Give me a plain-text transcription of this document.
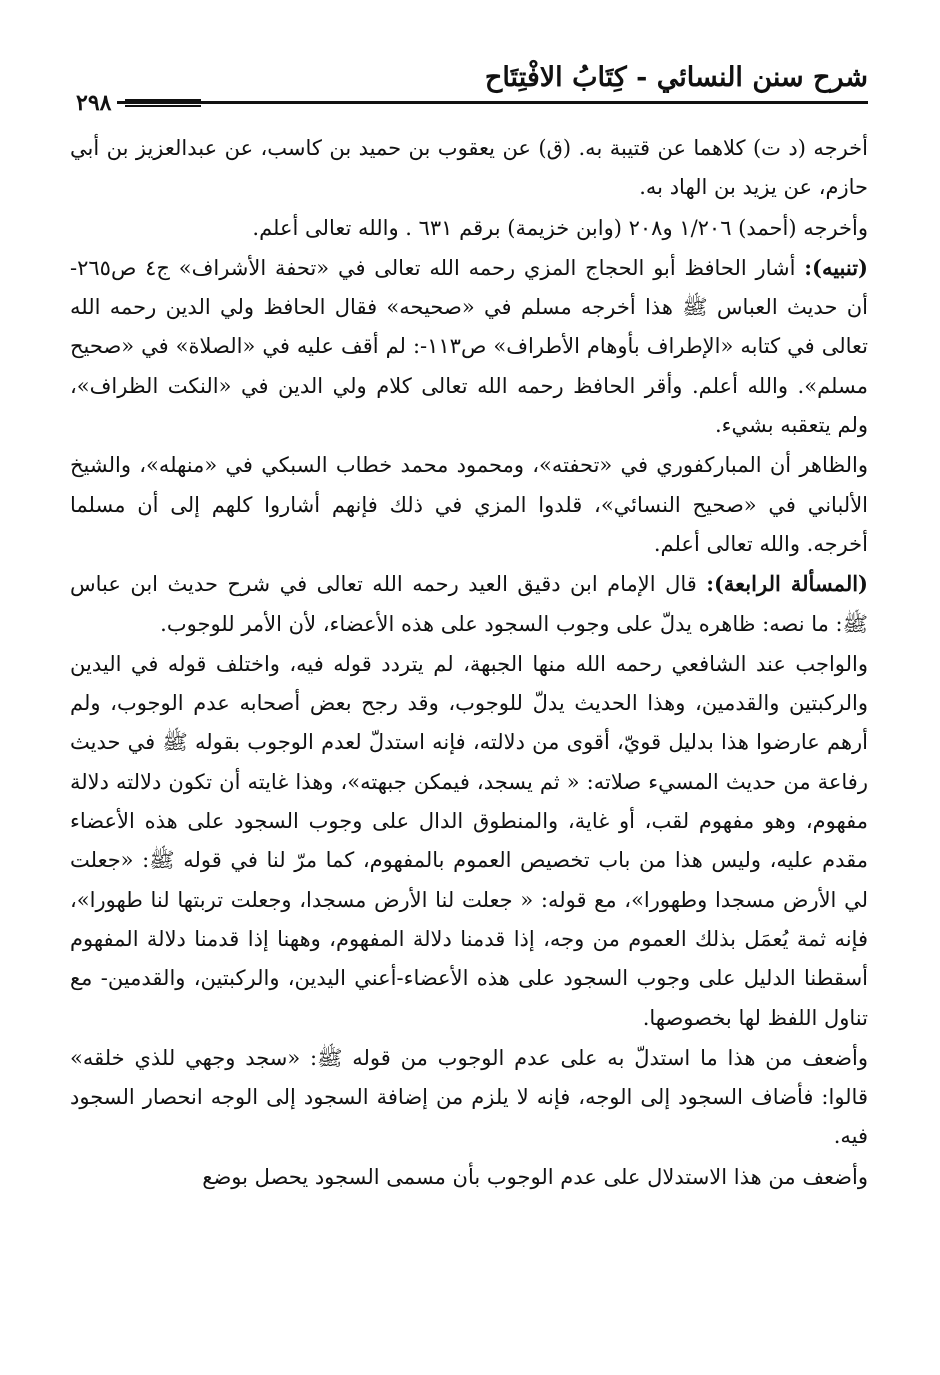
شرح سنن النسائي - كِتَابُ الافْتِتَاح
٢٩٨

أخرجه (د ت) كلاهما عن قتيبة به. (ق) عن يعقوب بن حميد بن كاسب، عن عبدالعزيز بن أبي حازم، عن يزيد بن الهاد به.

وأخرجه (أحمد) ١/٢٠٦ و٢٠٨ (وابن خزيمة) برقم ٦٣١ . والله تعالى أعلم.

(تنبيه): أشار الحافظ أبو الحجاج المزي رحمه الله تعالى في «تحفة الأشراف» ج٤ ص٢٦٥- أن حديث العباس ﷺ هذا أخرجه مسلم في «صحيحه» فقال الحافظ ولي الدين رحمه الله تعالى في كتابه «الإطراف بأوهام الأطراف» ص١١٣-: لم أقف عليه في «الصلاة» في «صحيح مسلم». والله أعلم. وأقر الحافظ رحمه الله تعالى كلام ولي الدين في «النكت الظراف»، ولم يتعقبه بشيء.

والظاهر أن المباركفوري في «تحفته»، ومحمود محمد خطاب السبكي في «منهله»، والشيخ الألباني في «صحيح النسائي»، قلدوا المزي في ذلك فإنهم أشاروا كلهم إلى أن مسلما أخرجه. والله تعالى أعلم.

(المسألة الرابعة): قال الإمام ابن دقيق العيد رحمه الله تعالى في شرح حديث ابن عباس ﷺ: ما نصه: ظاهره يدلّ على وجوب السجود على هذه الأعضاء، لأن الأمر للوجوب.

والواجب عند الشافعي رحمه الله منها الجبهة، لم يتردد قوله فيه، واختلف قوله في اليدين والركبتين والقدمين، وهذا الحديث يدلّ للوجوب، وقد رجح بعض أصحابه عدم الوجوب، ولم أرهم عارضوا هذا بدليل قويّ، أقوى من دلالته، فإنه استدلّ لعدم الوجوب بقوله ﷺ في حديث رفاعة من حديث المسيء صلاته: « ثم يسجد، فيمكن جبهته»، وهذا غايته أن تكون دلالته دلالة مفهوم، وهو مفهوم لقب، أو غاية، والمنطوق الدال على وجوب السجود على هذه الأعضاء مقدم عليه، وليس هذا من باب تخصيص العموم بالمفهوم، كما مرّ لنا في قوله ﷺ: «جعلت لي الأرض مسجدا وطهورا»، مع قوله: « جعلت لنا الأرض مسجدا، وجعلت تربتها لنا طهورا»، فإنه ثمة يُعمَل بذلك العموم من وجه، إذا قدمنا دلالة المفهوم، وههنا إذا قدمنا دلالة المفهوم أسقطنا الدليل على وجوب السجود على هذه الأعضاء-أعني اليدين، والركبتين، والقدمين- مع تناول اللفظ لها بخصوصها.

وأضعف من هذا ما استدلّ به على عدم الوجوب من قوله ﷺ: «سجد وجهي للذي خلقه» قالوا: فأضاف السجود إلى الوجه، فإنه لا يلزم من إضافة السجود إلى الوجه انحصار السجود فيه.

وأضعف من هذا الاستدلال على عدم الوجوب بأن مسمى السجود يحصل بوضع
